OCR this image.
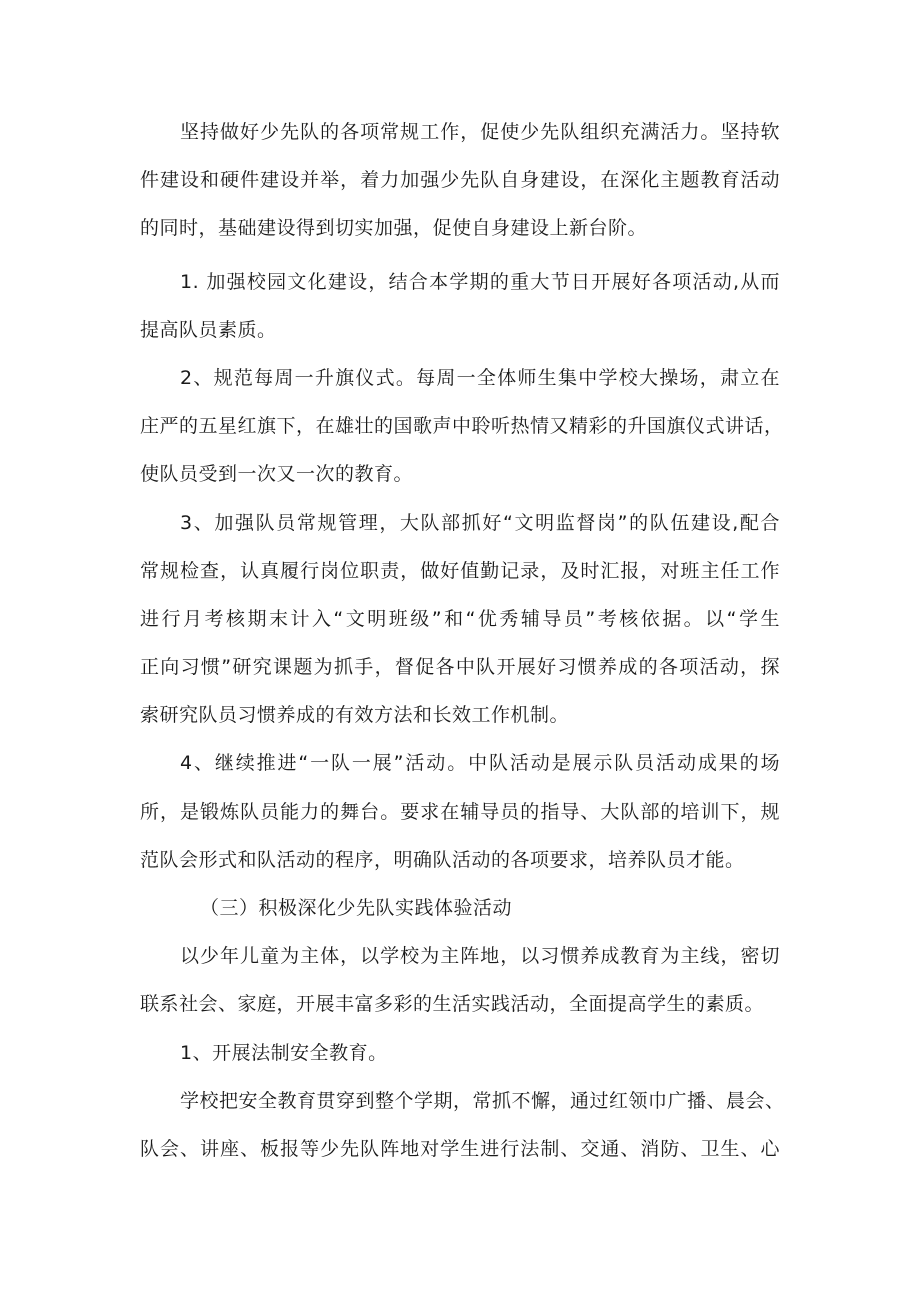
坚持做好少先队的各项常规工作，促使少先队组织充满活力。坚持软
件建设和硬件建设并举，着力加强少先队自身建设，在深化主题教育活动
的同时，基础建设得到切实加强，促使自身建设上新台阶。
1. 加强校园文化建设，结合本学期的重大节日开展好各项活动,从而
提高队员素质。
2、规范每周一升旗仪式。每周一全体师生集中学校大操场，肃立在
庄严的五星红旗下，在雄壮的国歌声中聆听热情又精彩的升国旗仪式讲话，
使队员受到一次又一次的教育。
3、加强队员常规管理，大队部抓好“文明监督岗”的队伍建设,配合
常规检查，认真履行岗位职责，做好值勤记录，及时汇报，对班主任工作
进行月考核期末计入“文明班级”和“优秀辅导员”考核依据。以“学生
正向习惯”研究课题为抓手，督促各中队开展好习惯养成的各项活动，探
索研究队员习惯养成的有效方法和长效工作机制。
4、继续推进“一队一展”活动。中队活动是展示队员活动成果的场
所，是锻炼队员能力的舞台。要求在辅导员的指导、大队部的培训下，规
范队会形式和队活动的程序，明确队活动的各项要求，培养队员才能。
（三）积极深化少先队实践体验活动
以少年儿童为主体，以学校为主阵地，以习惯养成教育为主线，密切
联系社会、家庭，开展丰富多彩的生活实践活动，全面提高学生的素质。
1、开展法制安全教育。
学校把安全教育贯穿到整个学期，常抓不懈，通过红领巾广播、晨会、
队会、讲座、板报等少先队阵地对学生进行法制、交通、消防、卫生、心
